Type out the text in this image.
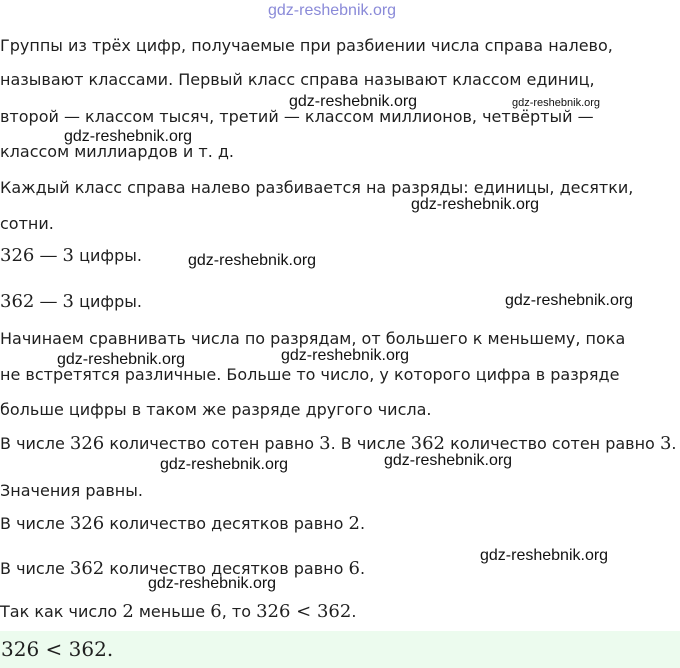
gdz-reshebnik.org
Группы из трёх цифр, получаемые при разбиении числа справа налево,
называют классами. Первый класс справа называют классом единиц,
второй — классом тысяч, третий — классом миллионов, четвёртый —
классом миллиардов и т. д.
Каждый класс справа налево разбивается на разряды: единицы, десятки,
сотни.
326 — 3 цифры.
362 — 3 цифры.
Начинаем сравнивать числа по разрядам, от большего к меньшему, пока
не встретятся различные. Больше то число, у которого цифра в разряде
больше цифры в таком же разряде другого числа.
В числе 326 количество сотен равно 3. В числе 362 количество сотен равно 3.
Значения равны.
В числе 326 количество десятков равно 2.
В числе 362 количество десятков равно 6.
Так как число 2 меньше 6, то 326 < 362.
326 < 362.
gdz-reshebnik.org	gdz-reshebnik.org
gdz-reshebnik.org
gdz-reshebnik.org
gdz-reshebnik.org
gdz-reshebnik.org
gdz-reshebnik.org	gdz-reshebnik.org
gdz-reshebnik.org	gdz-reshebnik.org
gdz-reshebnik.org
gdz-reshebnik.org
